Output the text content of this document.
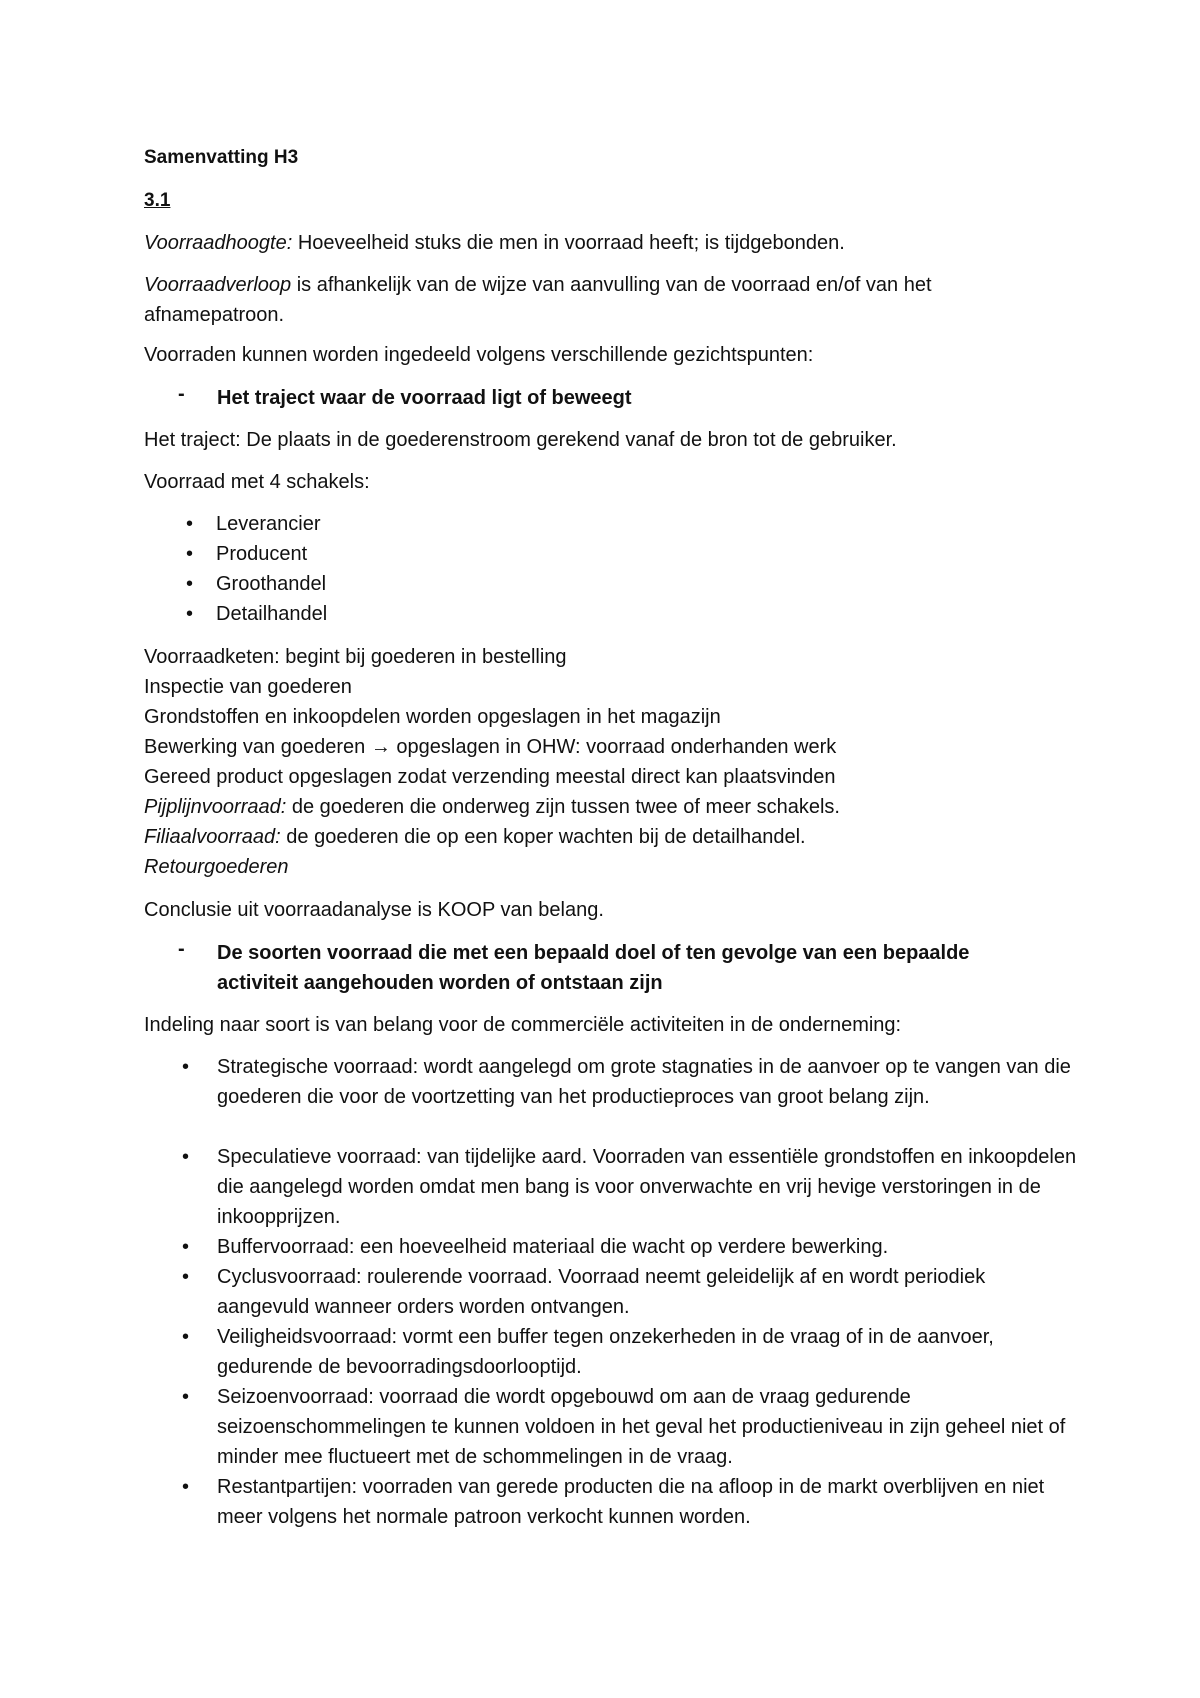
Samenvatting H3

3.1

Voorraadhoogte: Hoeveelheid stuks die men in voorraad heeft; is tijdgebonden.

Voorraadverloop is afhankelijk van de wijze van aanvulling van de voorraad en/of van het
afnamepatroon.

Voorraden kunnen worden ingedeeld volgens verschillende gezichtspunten:

- Het traject waar de voorraad ligt of beweegt

Het traject: De plaats in de goederenstroom gerekend vanaf de bron tot de gebruiker.

Voorraad met 4 schakels:

• Leverancier
• Producent
• Groothandel
• Detailhandel
Voorraadketen: begint bij goederen in bestelling
Inspectie van goederen
Grondstoffen en inkoopdelen worden opgeslagen in het magazijn
Bewerking van goederen → opgeslagen in OHW: voorraad onderhanden werk
Gereed product opgeslagen zodat verzending meestal direct kan plaatsvinden
Pijplijnvoorraad: de goederen die onderweg zijn tussen twee of meer schakels.
Filiaalvoorraad: de goederen die op een koper wachten bij de detailhandel.
Retourgoederen

Conclusie uit voorraadanalyse is KOOP van belang.

- De soorten voorraad die met een bepaald doel of ten gevolge van een bepaalde
activiteit aangehouden worden of ontstaan zijn

Indeling naar soort is van belang voor de commerciële activiteiten in de onderneming:

• Strategische voorraad: wordt aangelegd om grote stagnaties in de aanvoer op te vangen van die goederen die voor de voortzetting van het productieproces van groot belang zijn.
• Speculatieve voorraad: van tijdelijke aard. Voorraden van essentiële grondstoffen en inkoopdelen die aangelegd worden omdat men bang is voor onverwachte en vrij hevige verstoringen in de inkoopprijzen.
• Buffervoorraad: een hoeveelheid materiaal die wacht op verdere bewerking.
• Cyclusvoorraad: roulerende voorraad. Voorraad neemt geleidelijk af en wordt periodiek aangevuld wanneer orders worden ontvangen.
• Veiligheidsvoorraad: vormt een buffer tegen onzekerheden in de vraag of in de aanvoer, gedurende de bevoorradingsdoorlooptijd.
• Seizoenvoorraad: voorraad die wordt opgebouwd om aan de vraag gedurende seizoenschommelingen te kunnen voldoen in het geval het productieniveau in zijn geheel niet of minder mee fluctueert met de schommelingen in de vraag.
• Restantpartijen: voorraden van gerede producten die na afloop in de markt overblijven en niet meer volgens het normale patroon verkocht kunnen worden.
